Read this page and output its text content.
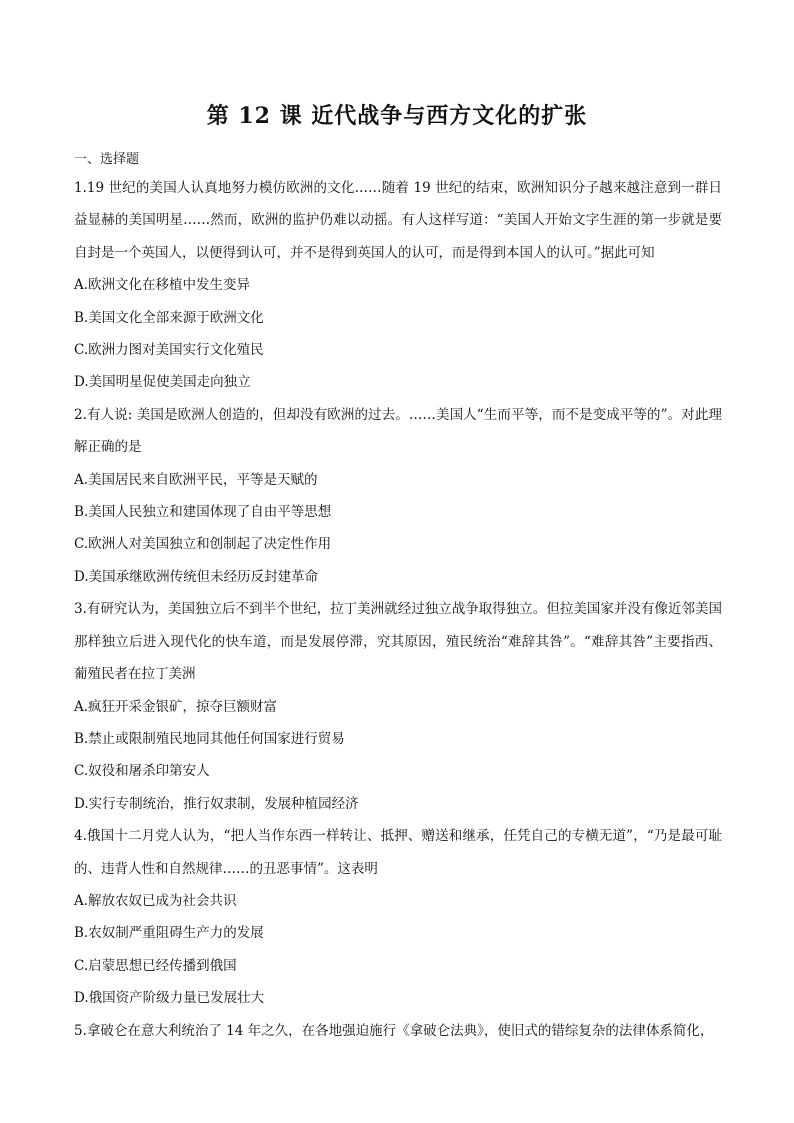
第 12 课 近代战争与西方文化的扩张
一、选择题

1.19 世纪的美国人认真地努力模仿欧洲的文化……随着 19 世纪的结束，欧洲知识分子越来越注意到一群日益显赫的美国明星……然而，欧洲的监护仍难以动摇。有人这样写道：“美国人开始文字生涯的第一步就是要自封是一个英国人，以便得到认可，并不是得到英国人的认可，而是得到本国人的认可。”据此可知

A.欧洲文化在移植中发生变异

B.美国文化全部来源于欧洲文化

C.欧洲力图对美国实行文化殖民

D.美国明星促使美国走向独立

2.有人说: 美国是欧洲人创造的，但却没有欧洲的过去。……美国人“生而平等，而不是变成平等的”。对此理解正确的是

A.美国居民来自欧洲平民，平等是天赋的

B.美国人民独立和建国体现了自由平等思想

C.欧洲人对美国独立和创制起了决定性作用

D.美国承继欧洲传统但未经历反封建革命

3.有研究认为，美国独立后不到半个世纪，拉丁美洲就经过独立战争取得独立。但拉美国家并没有像近邻美国那样独立后进入现代化的快车道，而是发展停滞，究其原因，殖民统治“难辞其咎”。“难辞其咎”主要指西、葡殖民者在拉丁美洲

A.疯狂开采金银矿，掠夺巨额财富

B.禁止或限制殖民地同其他任何国家进行贸易

C.奴役和屠杀印第安人

D.实行专制统治，推行奴隶制，发展种植园经济

4.俄国十二月党人认为，“把人当作东西一样转让、抵押、赠送和继承，任凭自己的专横无道”，“乃是最可耻的、违背人性和自然规律……的丑恶事情”。这表明

A.解放农奴已成为社会共识

B.农奴制严重阻碍生产力的发展

C.启蒙思想已经传播到俄国

D.俄国资产阶级力量已发展壮大

5.拿破仑在意大利统治了 14 年之久，在各地强迫施行《拿破仑法典》，使旧式的错综复杂的法律体系简化，
